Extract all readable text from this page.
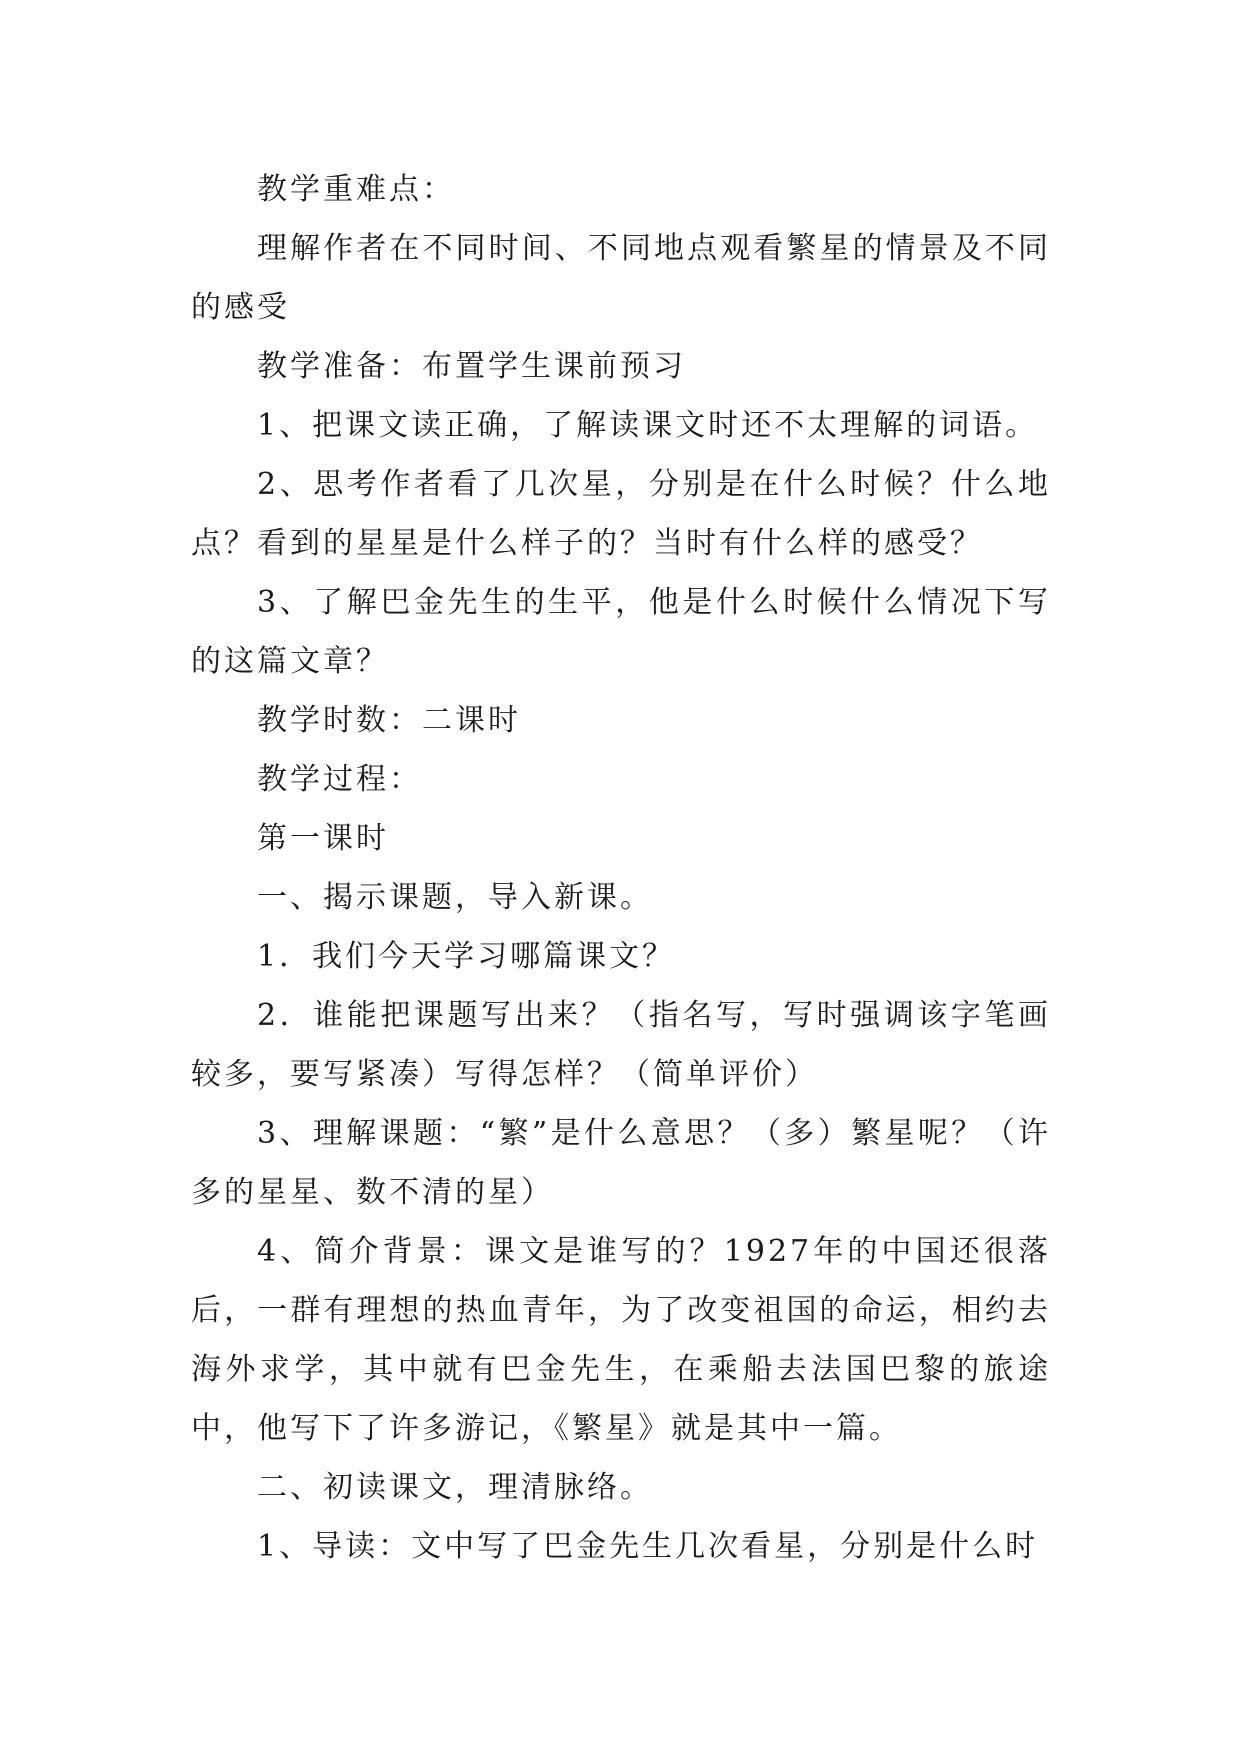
教学重难点：

理解作者在不同时间、不同地点观看繁星的情景及不同的感受

教学准备：布置学生课前预习

1、把课文读正确，了解读课文时还不太理解的词语。

2、思考作者看了几次星，分别是在什么时候？什么地点？看到的星星是什么样子的？当时有什么样的感受？

3、了解巴金先生的生平，他是什么时候什么情况下写的这篇文章？

教学时数：二课时

教学过程：

第一课时

一、揭示课题，导入新课。

1．我们今天学习哪篇课文？

2．谁能把课题写出来？（指名写，写时强调该字笔画较多，要写紧凑）写得怎样？（简单评价）

3、理解课题：“繁”是什么意思？（多）繁星呢？（许多的星星、数不清的星）

4、简介背景：课文是谁写的？1927年的中国还很落后，一群有理想的热血青年，为了改变祖国的命运，相约去海外求学，其中就有巴金先生，在乘船去法国巴黎的旅途中，他写下了许多游记，《繁星》就是其中一篇。

二、初读课文，理清脉络。

1、导读：文中写了巴金先生几次看星，分别是什么时
